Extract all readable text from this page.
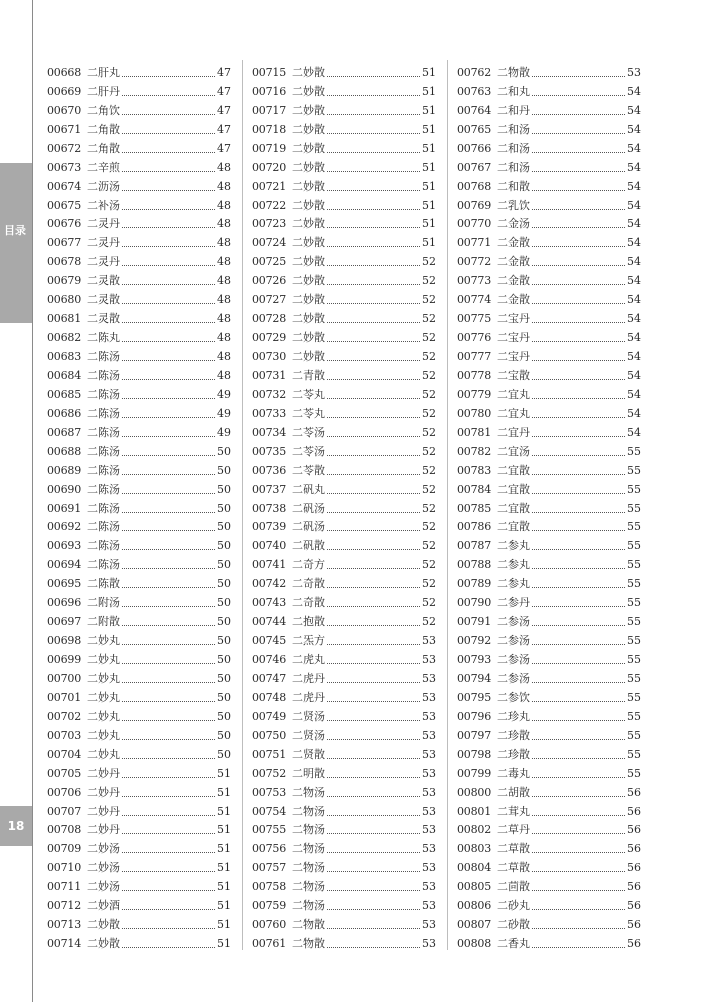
目录
18
00668 二肝丸	47
00669 二肝丹	47
00670 二角饮	47
00671 二角散	47
00672 二角散	47
00673 二辛煎	48
00674 二沥汤	48
00675 二补汤	48
00676 二灵丹	48
00677 二灵丹	48
00678 二灵丹	48
00679 二灵散	48
00680 二灵散	48
00681 二灵散	48
00682 二陈丸	48
00683 二陈汤	48
00684 二陈汤	48
00685 二陈汤	49
00686 二陈汤	49
00687 二陈汤	49
00688 二陈汤	50
00689 二陈汤	50
00690 二陈汤	50
00691 二陈汤	50
00692 二陈汤	50
00693 二陈汤	50
00694 二陈汤	50
00695 二陈散	50
00696 二附汤	50
00697 二附散	50
00698 二妙丸	50
00699 二妙丸	50
00700 二妙丸	50
00701 二妙丸	50
00702 二妙丸	50
00703 二妙丸	50
00704 二妙丸	50
00705 二妙丹	51
00706 二妙丹	51
00707 二妙丹	51
00708 二妙丹	51
00709 二妙汤	51
00710 二妙汤	51
00711 二妙汤	51
00712 二妙酒	51
00713 二妙散	51
00714 二妙散	51
00715 二妙散	51
00716 二妙散	51
00717 二妙散	51
00718 二妙散	51
00719 二妙散	51
00720 二妙散	51
00721 二妙散	51
00722 二妙散	51
00723 二妙散	51
00724 二妙散	51
00725 二妙散	52
00726 二妙散	52
00727 二妙散	52
00728 二妙散	52
00729 二妙散	52
00730 二妙散	52
00731 二青散	52
00732 二苓丸	52
00733 二苓丸	52
00734 二苓汤	52
00735 二苓汤	52
00736 二苓散	52
00737 二矾丸	52
00738 二矾汤	52
00739 二矾汤	52
00740 二矾散	52
00741 二奇方	52
00742 二奇散	52
00743 二奇散	52
00744 二抱散	52
00745 二炁方	53
00746 二虎丸	53
00747 二虎丹	53
00748 二虎丹	53
00749 二贤汤	53
00750 二贤汤	53
00751 二贤散	53
00752 二明散	53
00753 二物汤	53
00754 二物汤	53
00755 二物汤	53
00756 二物汤	53
00757 二物汤	53
00758 二物汤	53
00759 二物汤	53
00760 二物散	53
00761 二物散	53
00762 二物散	53
00763 二和丸	54
00764 二和丹	54
00765 二和汤	54
00766 二和汤	54
00767 二和汤	54
00768 二和散	54
00769 二乳饮	54
00770 二金汤	54
00771 二金散	54
00772 二金散	54
00773 二金散	54
00774 二金散	54
00775 二宝丹	54
00776 二宝丹	54
00777 二宝丹	54
00778 二宝散	54
00779 二宜丸	54
00780 二宜丸	54
00781 二宜丹	54
00782 二宜汤	55
00783 二宜散	55
00784 二宜散	55
00785 二宜散	55
00786 二宜散	55
00787 二参丸	55
00788 二参丸	55
00789 二参丸	55
00790 二参丹	55
00791 二参汤	55
00792 二参汤	55
00793 二参汤	55
00794 二参汤	55
00795 二参饮	55
00796 二珍丸	55
00797 二珍散	55
00798 二珍散	55
00799 二毒丸	55
00800 二胡散	56
00801 二茸丸	56
00802 二草丹	56
00803 二草散	56
00804 二草散	56
00805 二茴散	56
00806 二砂丸	56
00807 二砂散	56
00808 二香丸	56
